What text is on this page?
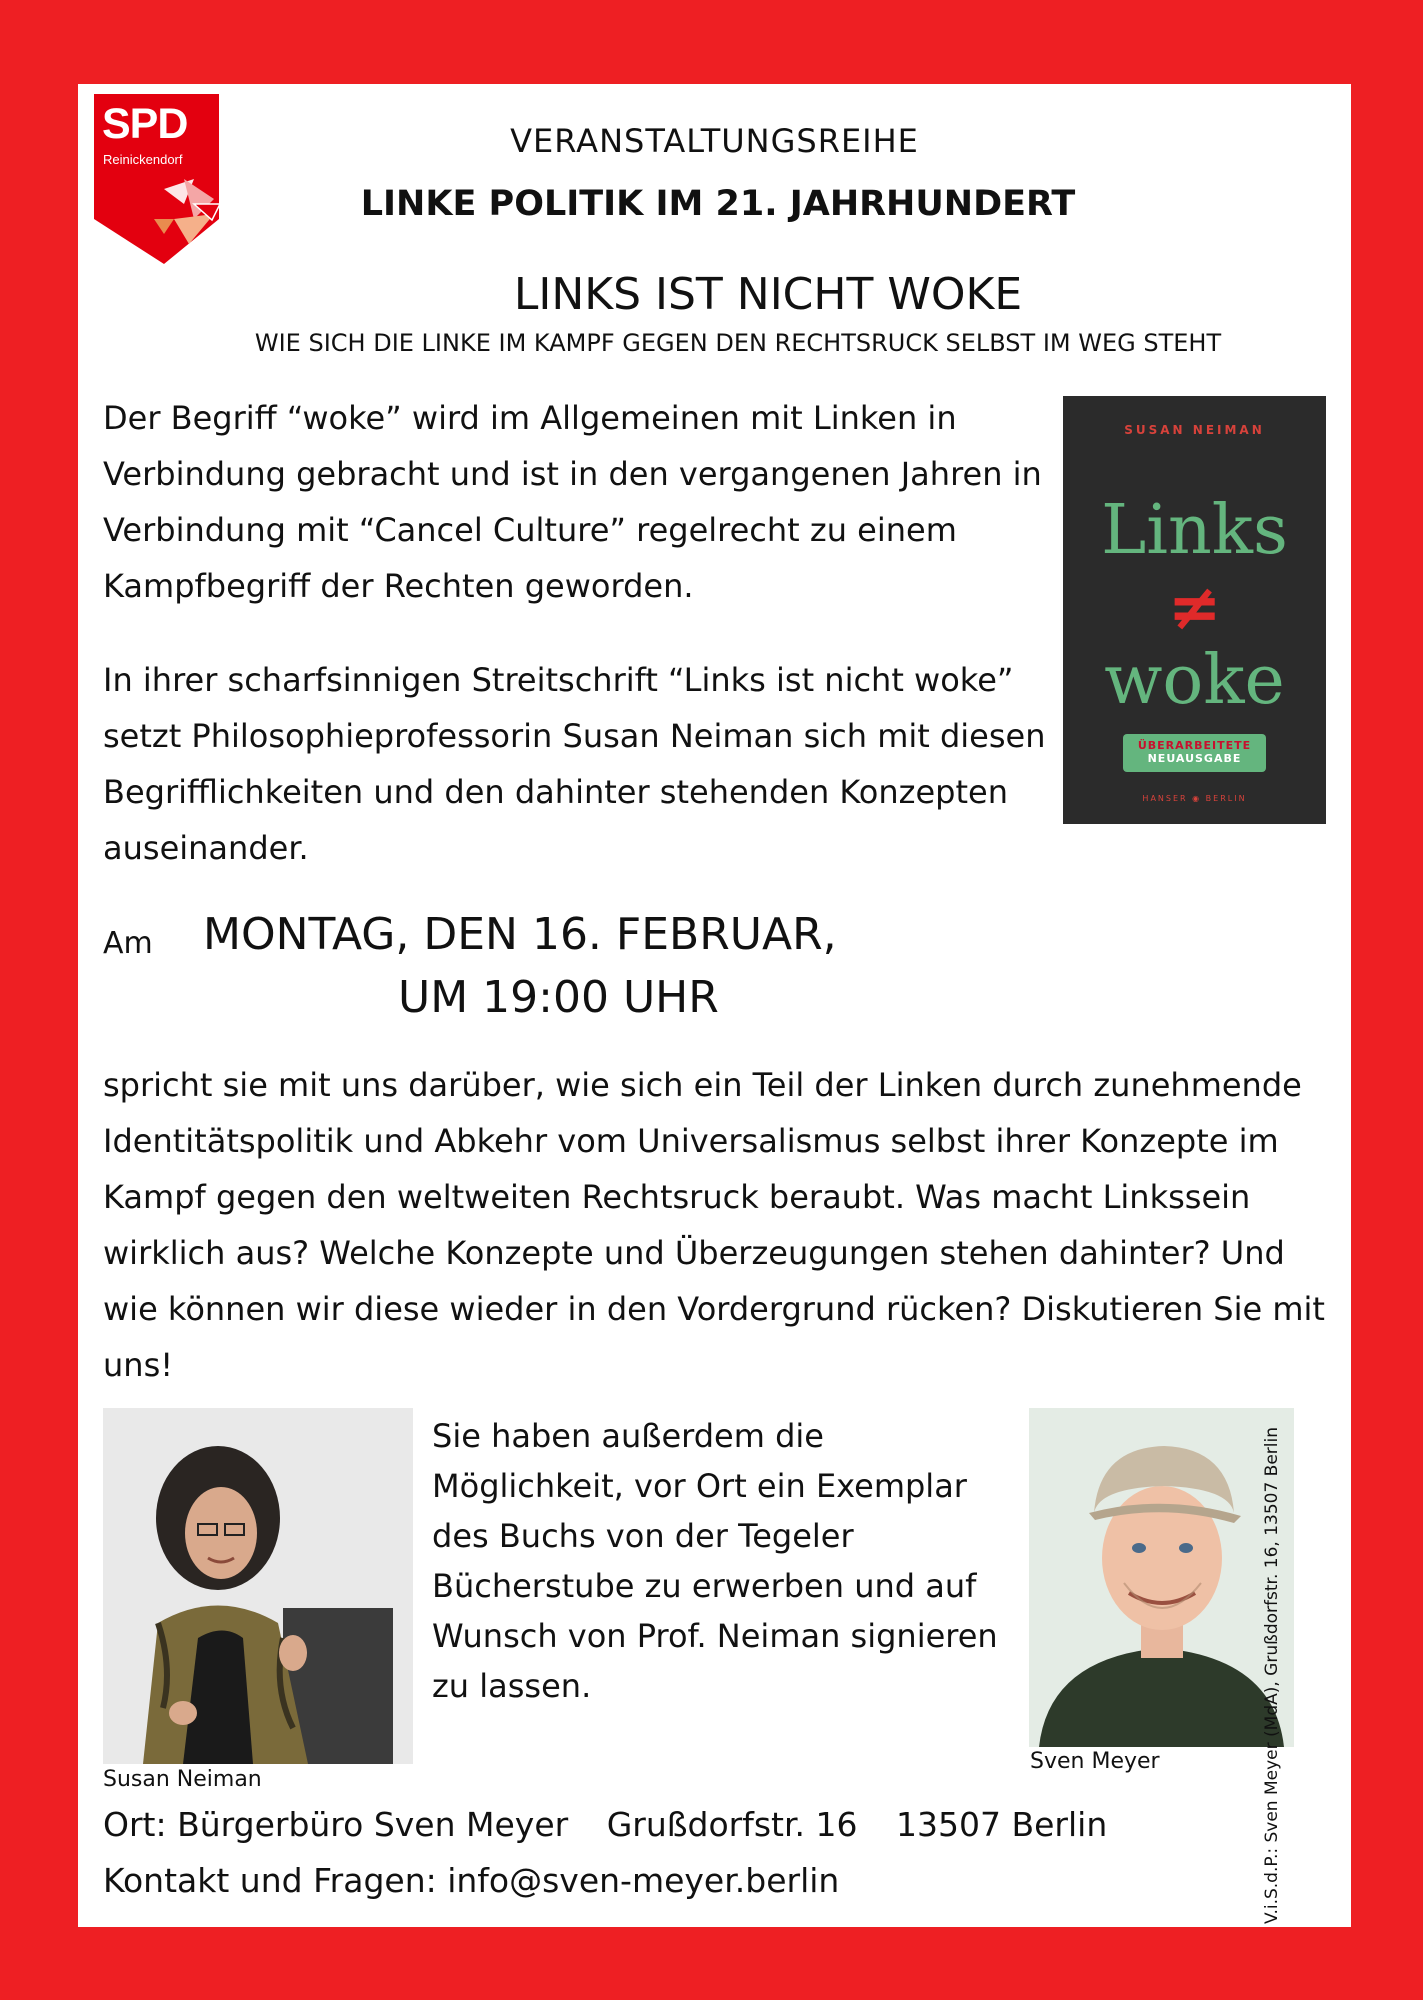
SPD
Reinickendorf	VERANSTALTUNGSREIHE
LINKE POLITIK IM 21. JAHRHUNDERT
LINKS IST NICHT WOKE
WIE SICH DIE LINKE IM KAMPF GEGEN DEN RECHTSRUCK SELBST IM WEG STEHT
Der Begriff “woke” wird im Allgemeinen mit Linken in Verbindung gebracht und ist in den vergangenen Jahren in Verbindung mit “Cancel Culture” regelrecht zu einem Kampfbegriff der Rechten geworden.
In ihrer scharfsinnigen Streitschrift “Links ist nicht woke” setzt Philosophieprofessorin Susan Neiman sich mit diesen Begrifflichkeiten und den dahinter stehenden Konzepten auseinander.
SUSAN NEIMAN
Links
≠
woke
ÜBERARBEITETE
NEUAUSGABE
HANSER ◉ BERLIN
Am MONTAG, DEN 16. FEBRUAR,
UM 19:00 UHR
spricht sie mit uns darüber, wie sich ein Teil der Linken durch zunehmende Identitätspolitik und Abkehr vom Universalismus selbst ihrer Konzepte im Kampf gegen den weltweiten Rechtsruck beraubt. Was macht Linkssein wirklich aus? Welche Konzepte und Überzeugungen stehen dahinter? Und wie können wir diese wieder in den Vordergrund rücken? Diskutieren Sie mit uns!
Susan Neiman
Sie haben außerdem die Möglichkeit, vor Ort ein Exemplar des Buchs von der Tegeler Bücherstube zu erwerben und auf Wunsch von Prof. Neiman signieren zu lassen.
Sven Meyer	V.i.S.d.P.: Sven Meyer (MdA), Grußdorfstr. 16, 13507 Berlin
Ort: Bürgerbüro Sven Meyer Grußdorfstr. 16 13507 Berlin
Kontakt und Fragen: info@sven-meyer.berlin
